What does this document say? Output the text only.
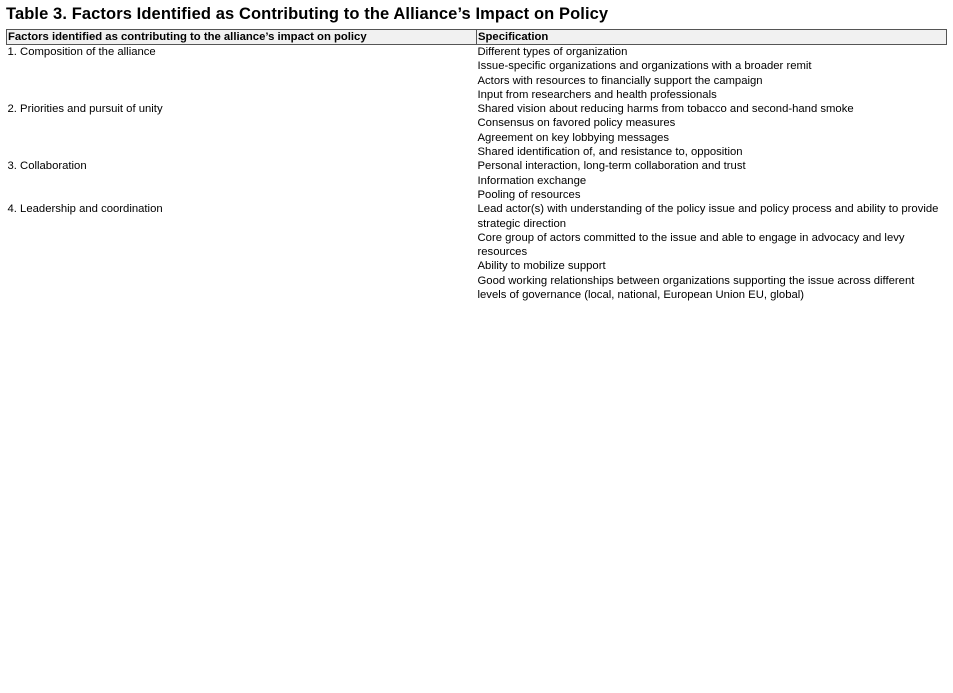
Table 3. Factors Identified as Contributing to the Alliance’s Impact on Policy
Factors identified as contributing to the alliance’s impact on policy	Specification
1. Composition of the alliance	Different types of organization
Issue-specific organizations and organizations with a broader remit
Actors with resources to financially support the campaign
Input from researchers and health professionals

2. Priorities and pursuit of unity	Shared vision about reducing harms from tobacco and second-hand smoke
Consensus on favored policy measures
Agreement on key lobbying messages
Shared identification of, and resistance to, opposition

3. Collaboration	Personal interaction, long-term collaboration and trust
Information exchange
Pooling of resources

4. Leadership and coordination	Lead actor(s) with understanding of the policy issue and policy process and ability to provide strategic direction
Core group of actors committed to the issue and able to engage in advocacy and levy resources
Ability to mobilize support
Good working relationships between organizations supporting the issue across different levels of governance (local, national, European Union EU, global)
